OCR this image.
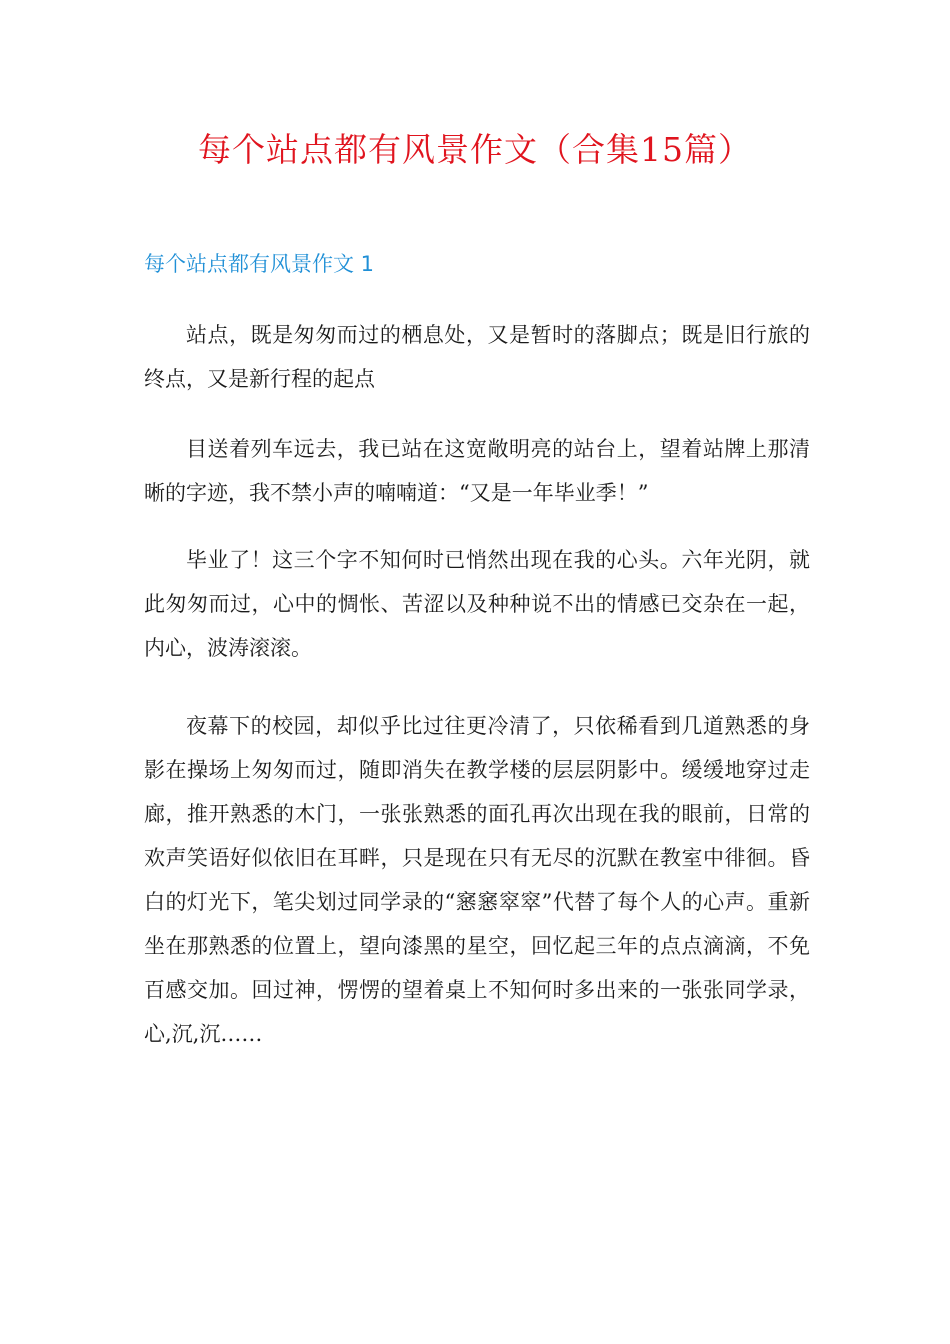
每个站点都有风景作文（合集15篇）
每个站点都有风景作文 1

站点，既是匆匆而过的栖息处，又是暂时的落脚点；既是旧行旅的终点，又是新行程的起点

目送着列车远去，我已站在这宽敞明亮的站台上，望着站牌上那清晰的字迹，我不禁小声的喃喃道：“又是一年毕业季！”

毕业了！这三个字不知何时已悄然出现在我的心头。六年光阴，就此匆匆而过，心中的惆怅、苦涩以及种种说不出的情感已交杂在一起，内心，波涛滚滚。

夜幕下的校园，却似乎比过往更冷清了，只依稀看到几道熟悉的身影在操场上匆匆而过，随即消失在教学楼的层层阴影中。缓缓地穿过走廊，推开熟悉的木门，一张张熟悉的面孔再次出现在我的眼前，日常的欢声笑语好似依旧在耳畔，只是现在只有无尽的沉默在教室中徘徊。昏白的灯光下，笔尖划过同学录的“窸窸窣窣”代替了每个人的心声。重新坐在那熟悉的位置上，望向漆黑的星空，回忆起三年的点点滴滴，不免百感交加。回过神，愣愣的望着桌上不知何时多出来的一张张同学录，心,沉,沉……
